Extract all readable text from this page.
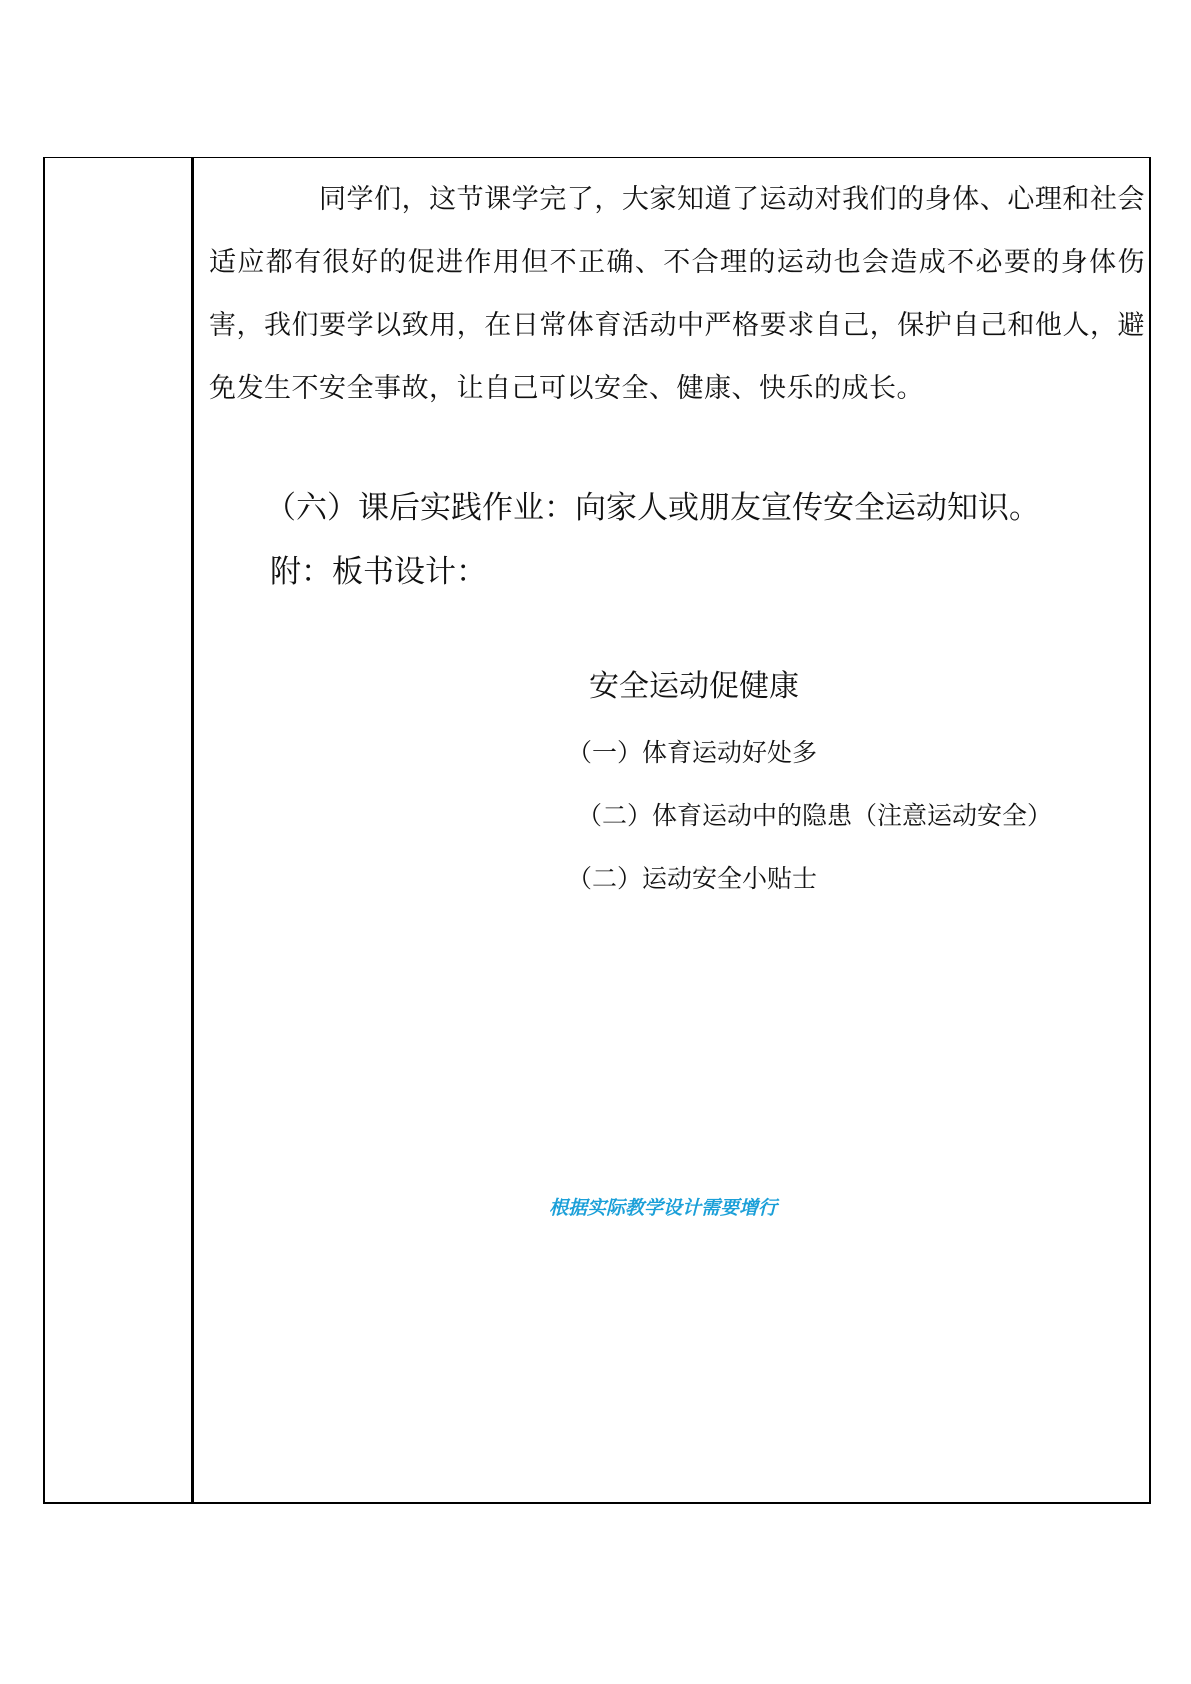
同学们，这节课学完了，大家知道了运动对我们的身体、心理和社会适应都有很好的促进作用但不正确、不合理的运动也会造成不必要的身体伤害，我们要学以致用，在日常体育活动中严格要求自己，保护自己和他人，避免发生不安全事故，让自己可以安全、健康、快乐的成长。

（六）课后实践作业：向家人或朋友宣传安全运动知识。

附：板书设计：

安全运动促健康

（一）体育运动好处多

（二）体育运动中的隐患（注意运动安全）

（二）运动安全小贴士

根据实际教学设计需要增行
